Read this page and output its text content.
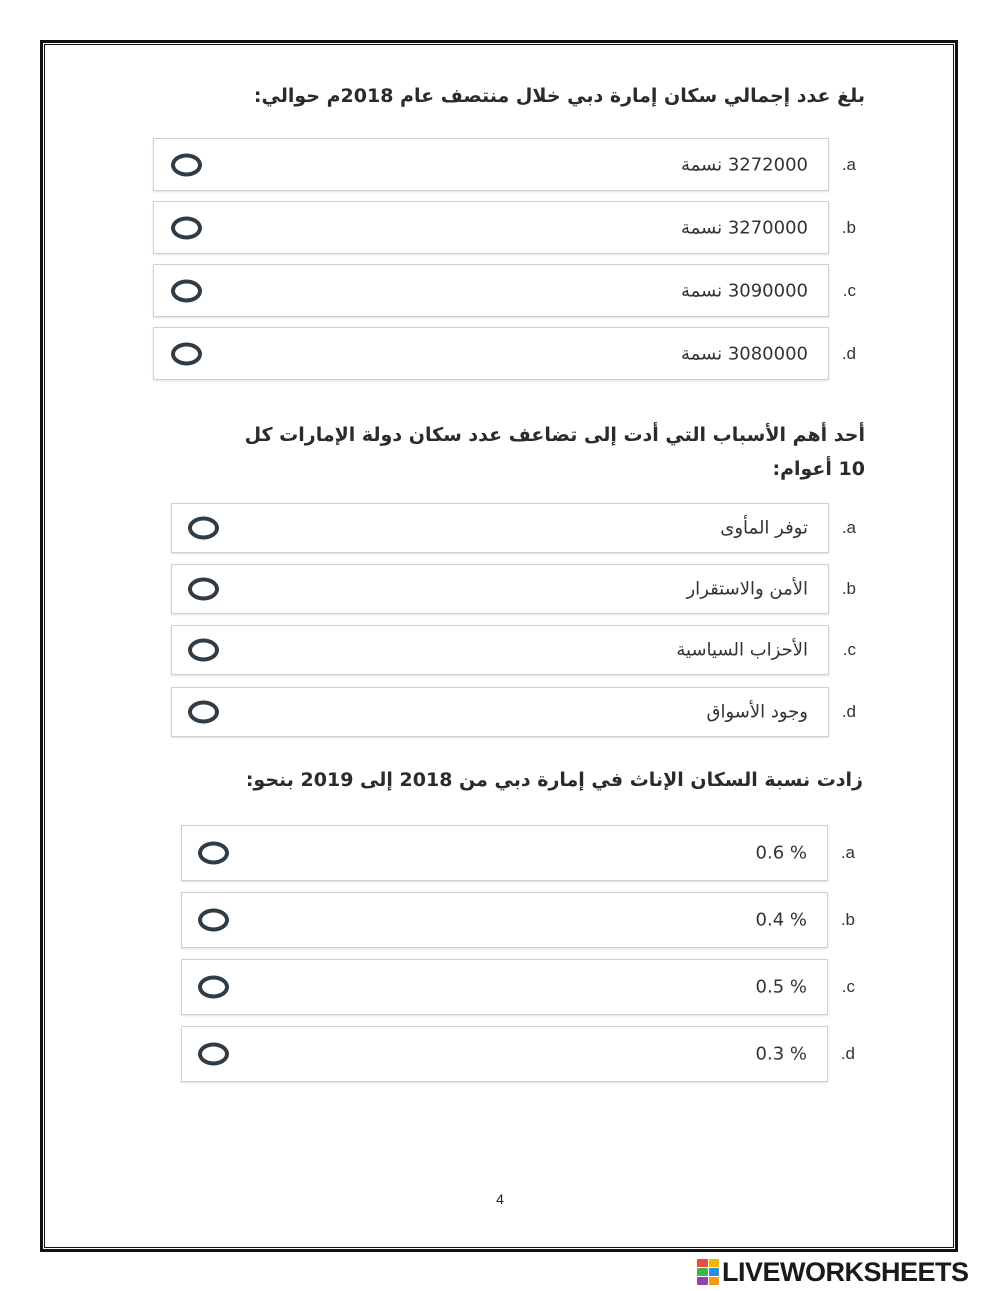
بلغ عدد إجمالي سكان إمارة دبي خلال منتصف عام 2018م حوالي:
3272000 نسمة .a
3270000 نسمة .b
3090000 نسمة .c
3080000 نسمة .d
أحد أهم الأسباب التي أدت إلى تضاعف عدد سكان دولة الإمارات كل
10 أعوام:
توفر المأوى .a
الأمن والاستقرار .b
الأحزاب السياسية .c
وجود الأسواق .d
زادت نسبة السكان الإناث في إمارة دبي من 2018 إلى 2019 بنحو:
% 0.6 .a
% 0.4 .b
% 0.5 .c
% 0.3 .d
4
LIVEWORKSHEETS
